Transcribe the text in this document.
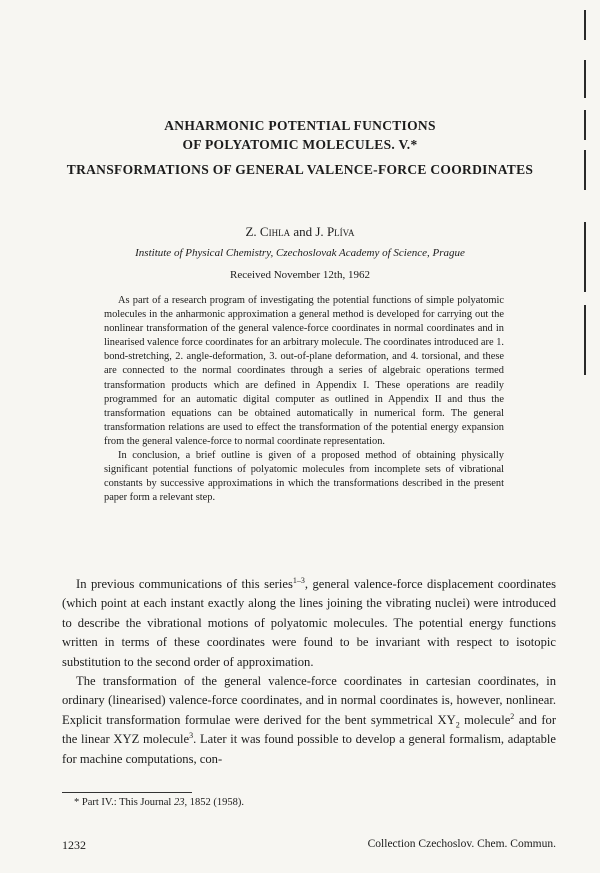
ANHARMONIC POTENTIAL FUNCTIONS
OF POLYATOMIC MOLECULES. V.*
TRANSFORMATIONS OF GENERAL VALENCE-FORCE COORDINATES
Z. Cihla and J. Plíva
Institute of Physical Chemistry, Czechoslovak Academy of Science, Prague
Received November 12th, 1962

As part of a research program of investigating the potential functions of simple polyatomic molecules in the anharmonic approximation a general method is developed for carrying out the nonlinear transformation of the general valence-force coordinates in normal coordinates and in linearised valence force coordinates for an arbitrary molecule. The coordinates introduced are 1. bond-stretching, 2. angle-deformation, 3. out-of-plane deformation, and 4. torsional, and these are connected to the normal coordinates through a series of algebraic operations termed transformation products which are defined in Appendix I. These operations are readily programmed for an automatic digital computer as outlined in Appendix II and thus the transformation equations can be obtained automatically in numerical form. The general transformation relations are used to effect the transformation of the potential energy expansion from the general valence-force to normal coordinate representation.

In conclusion, a brief outline is given of a proposed method of obtaining physically significant potential functions of polyatomic molecules from incomplete sets of vibrational constants by successive approximations in which the transformations described in the present paper form a relevant step.

In previous communications of this series$^{1-3}$, general valence-force displacement coordinates (which point at each instant exactly along the lines joining the vibrating nuclei) were introduced to describe the vibrational motions of polyatomic molecules. The potential energy functions written in terms of these coordinates were found to be invariant with respect to isotopic substitution to the second order of approximation.

The transformation of the general valence-force coordinates in cartesian coordinates, in ordinary (linearised) valence-force coordinates, and in normal coordinates is, however, nonlinear. Explicit transformation formulae were derived for the bent symmetrical $XY_2$ molecule$^2$ and for the linear XYZ molecule$^3$. Later it was found possible to develop a general formalism, adaptable for machine computations, con-

* Part IV.: This Journal 23, 1852 (1958).
1232	Collection Czechoslov. Chem. Commun.
